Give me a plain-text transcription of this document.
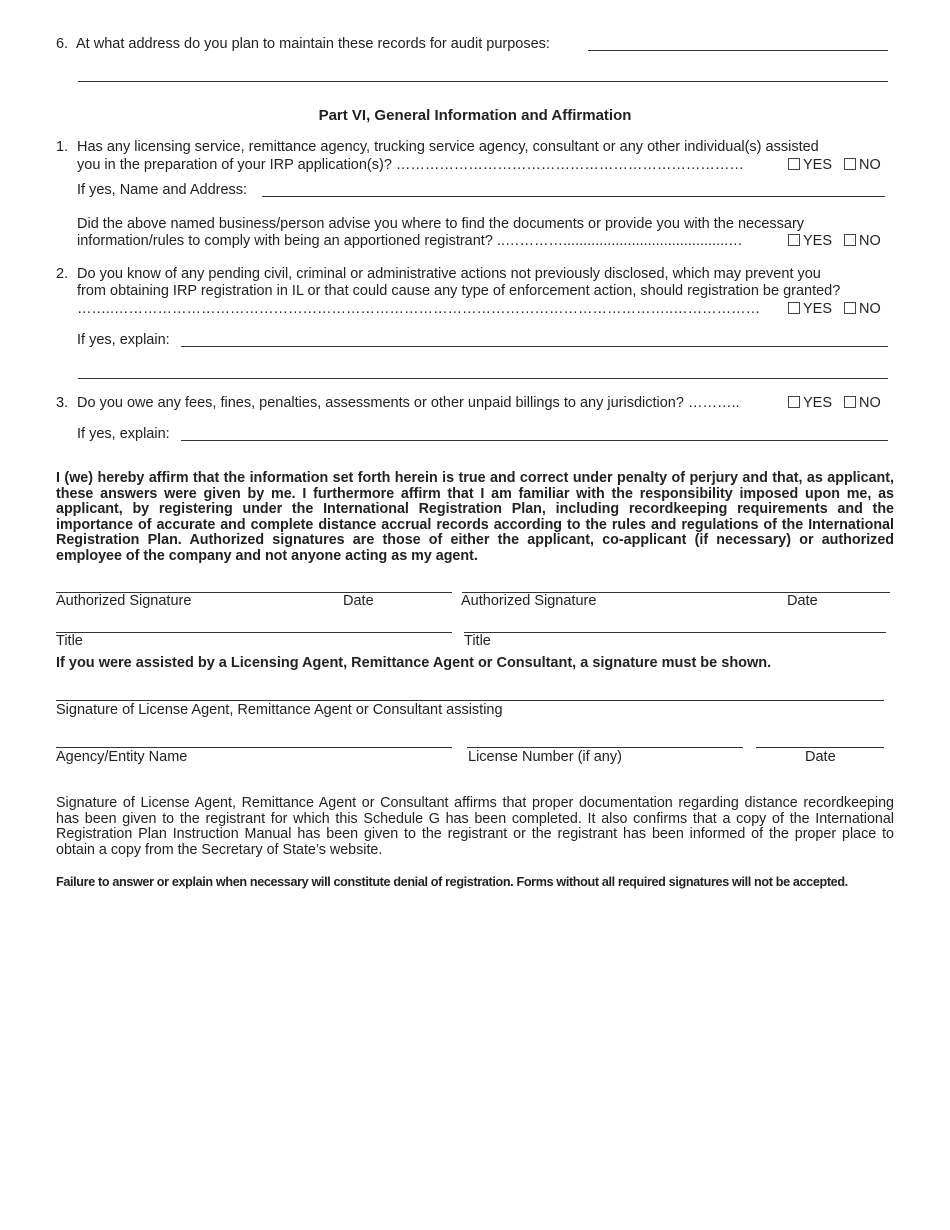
6. At what address do you plan to maintain these records for audit purposes:
Part VI, General Information and Affirmation
1. Has any licensing service, remittance agency, trucking service agency, consultant or any other individual(s) assisted
you in the preparation of your IRP application(s)? ………………………………………………………………	YES NO
If yes, Name and Address:
Did the above named business/person advise you where to find the documents or provide you with the necessary
information/rules to comply with being an apportioned registrant? ..………….........................................…	YES NO
2. Do you know of any pending civil, criminal or administrative actions not previously disclosed, which may prevent you
from obtaining IRP registration in IL or that could cause any type of enforcement action, should registration be granted?
……..……………………………………………………………………………………………………..………………	YES NO
If yes, explain:
3. Do you owe any fees, fines, penalties, assessments or other unpaid billings to any jurisdiction? ………..	YES NO
If yes, explain:
I (we) hereby affirm that the information set forth herein is true and correct under penalty of perjury and that, as applicant, these answers were given by me. I furthermore affirm that I am familiar with the responsibility imposed upon me, as applicant, by registering under the International Registration Plan, including recordkeeping requirements and the importance of accurate and complete distance accrual records according to the rules and regulations of the International Registration Plan. Authorized signatures are those of either the applicant, co-applicant (if necessary) or authorized employee of the company and not anyone acting as my agent.
Authorized Signature	Date	Authorized Signature	Date
Title	Title
If you were assisted by a Licensing Agent, Remittance Agent or Consultant, a signature must be shown.
Signature of License Agent, Remittance Agent or Consultant assisting
Agency/Entity Name	License Number (if any)	Date
Signature of License Agent, Remittance Agent or Consultant affirms that proper documentation regarding distance recordkeeping has been given to the registrant for which this Schedule G has been completed. It also confirms that a copy of the International Registration Plan Instruction Manual has been given to the registrant or the registrant has been informed of the proper place to obtain a copy from the Secretary of State’s website.
Failure to answer or explain when necessary will constitute denial of registration. Forms without all required signatures will not be accepted.
